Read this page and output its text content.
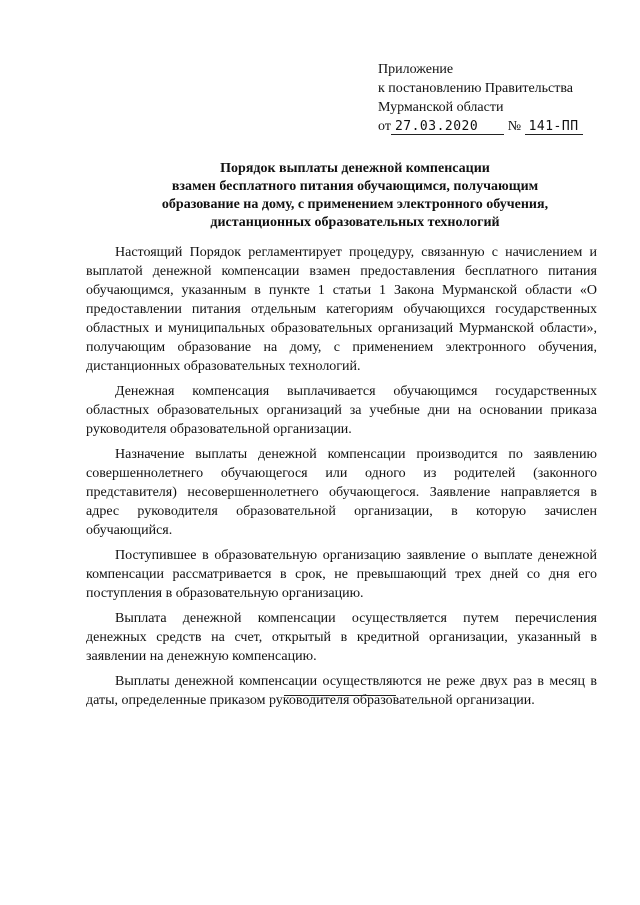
Приложение
к постановлению Правительства
Мурманской области
от 27.03.2020 № 141-ПП
Порядок выплаты денежной компенсации
взамен бесплатного питания обучающимся, получающим
образование на дому, с применением электронного обучения,
дистанционных образовательных технологий

Настоящий Порядок регламентирует процедуру, связанную с начислением и выплатой денежной компенсации взамен предоставления бесплатного питания обучающимся, указанным в пункте 1 статьи 1 Закона Мурманской области «О предоставлении питания отдельным категориям обучающихся государственных областных и муниципальных образовательных организаций Мурманской области», получающим образование на дому, с применением электронного обучения, дистанционных образовательных технологий.

Денежная компенсация выплачивается обучающимся государственных областных образовательных организаций за учебные дни на основании приказа руководителя образовательной организации.

Назначение выплаты денежной компенсации производится по заявлению совершеннолетнего обучающегося или одного из родителей (законного представителя) несовершеннолетнего обучающегося. Заявление направляется в адрес руководителя образовательной организации, в которую зачислен обучающийся.

Поступившее в образовательную организацию заявление о выплате денежной компенсации рассматривается в срок, не превышающий трех дней со дня его поступления в образовательную организацию.

Выплата денежной компенсации осуществляется путем перечисления денежных средств на счет, открытый в кредитной организации, указанный в заявлении на денежную компенсацию.

Выплаты денежной компенсации осуществляются не реже двух раз в месяц в даты, определенные приказом руководителя образовательной организации.
